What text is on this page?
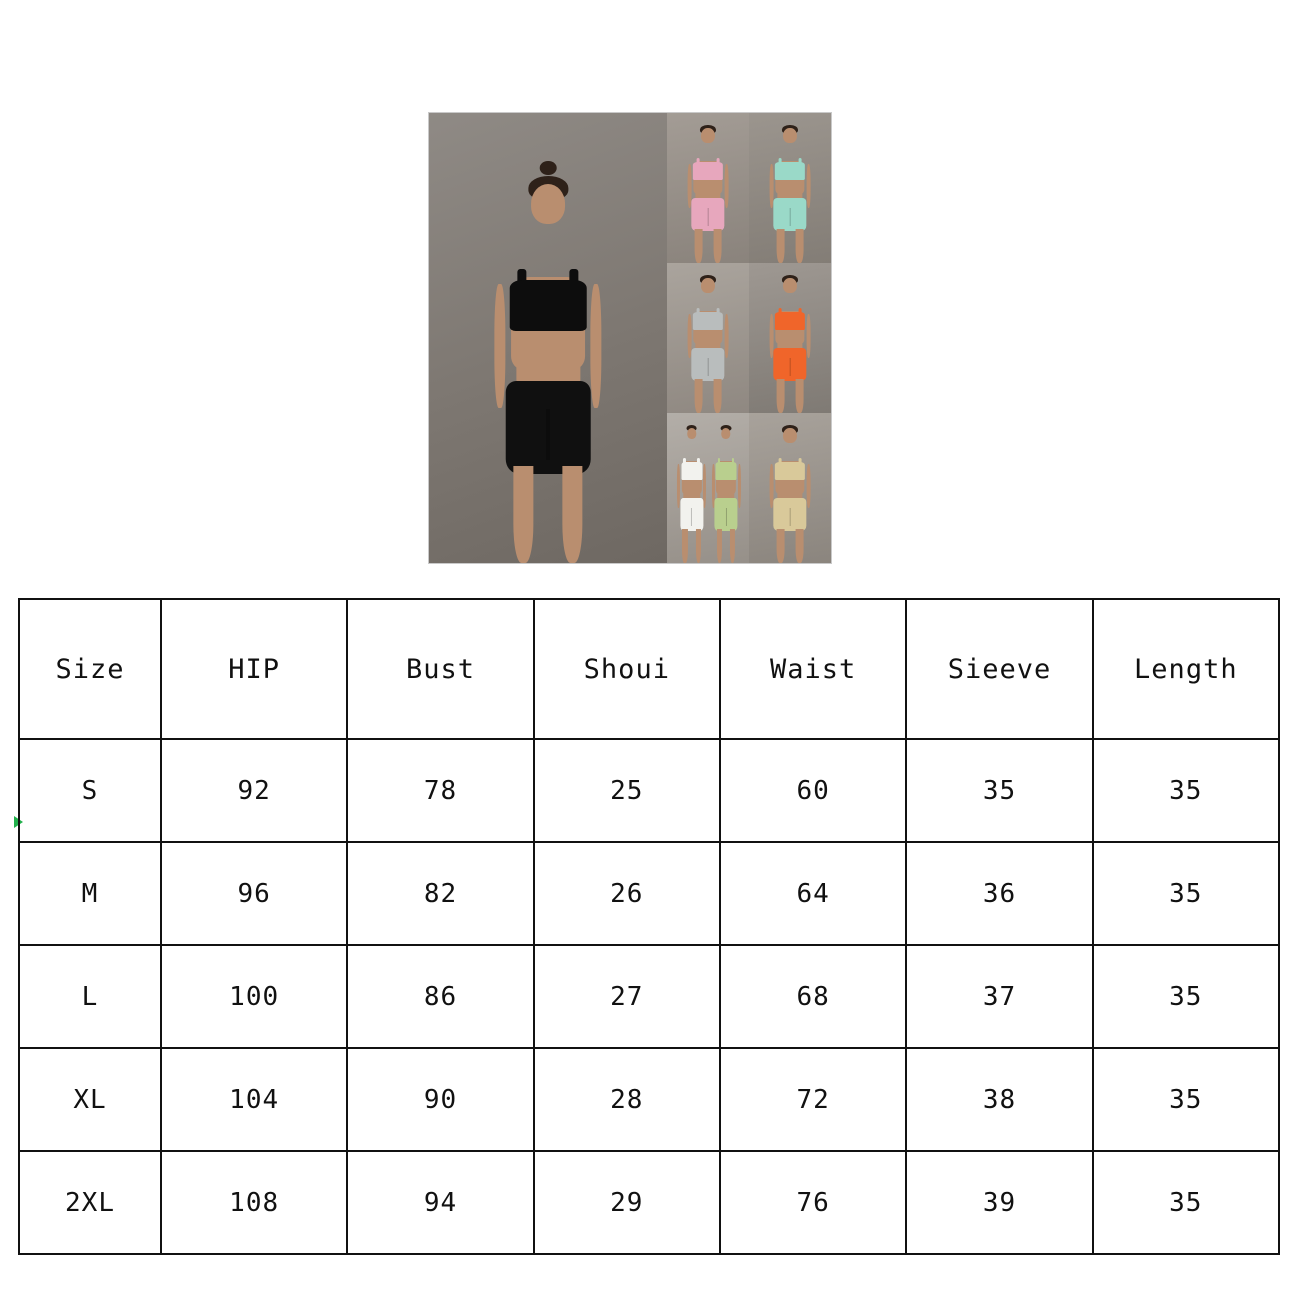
Size	HIP	Bust	Shoui	Waist	Sieeve	Length
S	92	78	25	60	35	35
M	96	82	26	64	36	35
L	100	86	27	68	37	35
XL	104	90	28	72	38	35
2XL	108	94	29	76	39	35
